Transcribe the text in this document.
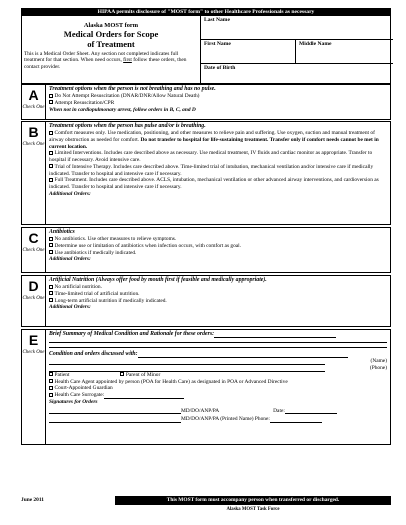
HIPAA permits disclosure of "MOST form" to other Healthcare Professionals as necessary
Alaska MOST form
Medical Orders for Scope
of Treatment
This is a Medical Order Sheet. Any section not completed indicates full treatment for that section. When need occurs, first follow these orders, then contact provider.
Last Name
First Name	Middle Name
Date of Birth
A
Check One
Treatment options when the person is not breathing and has no pulse.
Do Not Attempt Resuscitation (DNAR/DNR/Allow Natural Death)
Attempt Resuscitation/CPR
When not in cardiopulmonary arrest, follow orders in B, C, and D
B
Check One
Treatment options when the person has pulse and/or is breathing.
Comfort measures only. Use medication, positioning, and other measures to relieve pain and suffering. Use oxygen, suction and manual treatment of airway obstruction as needed for comfort. Do not transfer to hospital for life-sustaining treatment. Transfer only if comfort needs cannot be met in current location.
Limited Interventions. Includes care described above as necessary. Use medical treatment, IV fluids and cardiac monitor as appropriate. Transfer to hospital if necessary. Avoid intensive care.
Trial of Intensive Therapy. Includes care described above. Time-limited trial of intubation, mechanical ventilation and/or intensive care if medically indicated. Transfer to hospital and intensive care if necessary.
Full Treatment. Includes care described above. ACLS, intubation, mechanical ventilation or other advanced airway interventions, and cardioversion as indicated. Transfer to hospital and intensive care if necessary.
Additional Orders:
C
Check One
Antibiotics
No antibiotics. Use other measures to relieve symptoms.
Determine use or limitation of antibiotics when infection occurs, with comfort as goal.
Use antibiotics if medically indicated.
Additional Orders:
D
Check One
Artificial Nutrition (Always offer food by mouth first if feasible and medically appropriate).
No artificial nutrition.
Time-limited trial of artificial nutrition.
Long-term artificial nutrition if medically indicated.
Additional Orders:
E
Check One
Brief Summary of Medical Condition and Rationale for these orders:
Condition and orders discussed with:
(Name)
(Phone)
Patient	Parent of Minor
Health Care Agent appointed by person (POA for Health Care) as designated in POA or Advanced Directive
Court-Appointed Guardian
Health Care Surrogate:
Signatures for Orders
MD/DO/ANP/PA	Date:
MD/DO/ANP/PA (Printed Name) Phone:
June 2011	This MOST form must accompany person when transferred or discharged.
Alaska MOST Task Force
